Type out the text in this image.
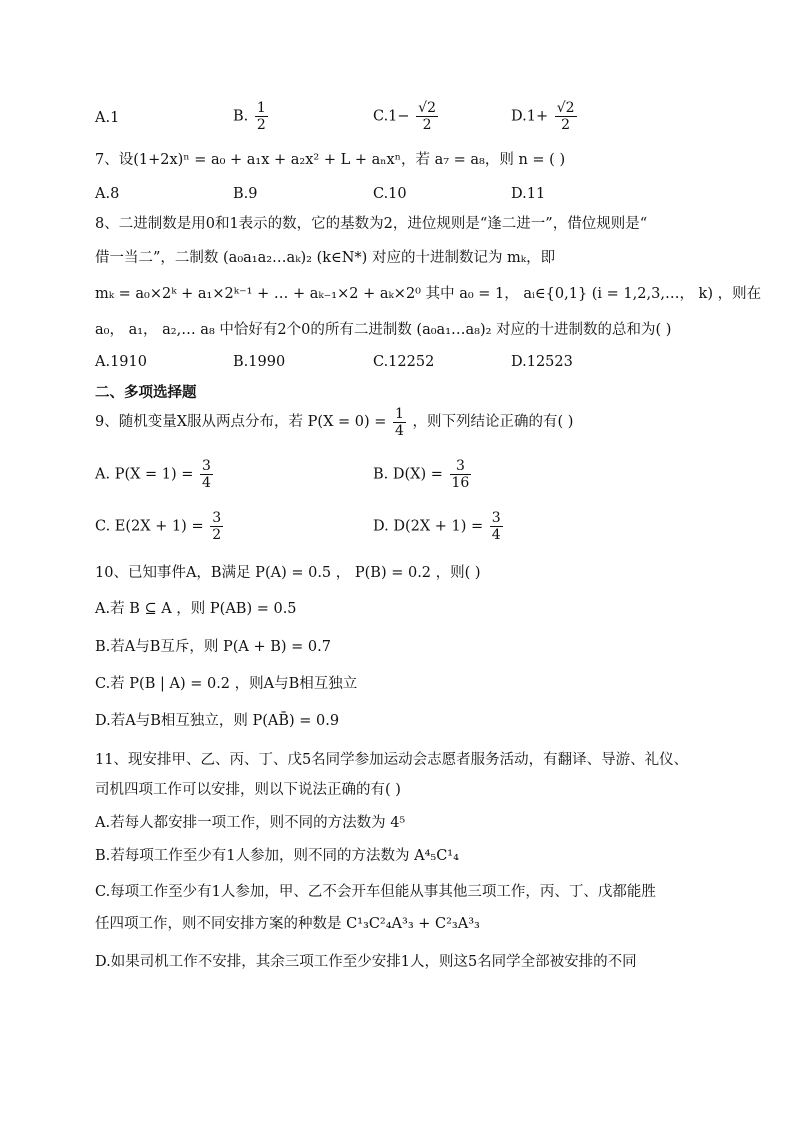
A.1	B. $\frac{1}{2}$	$C.1- \frac{√2}{2}$	$D.1+ \frac{√2}{2}$
7、设(1+2x)ⁿ = a₀ + a₁x + a₂x² + L + aₙxⁿ，若 a₇ = a₈，则 n = ( )
A.8	B.9	C.10	D.11
8、二进制数是用0和1表示的数，它的基数为2，进位规则是“逢二进一”，借位规则是“
借一当二”，二制数 (a₀a₁a₂…aₖ)₂ (k∈N*) 对应的十进制数记为 mₖ，即
mₖ = a₀×2ᵏ + a₁×2ᵏ⁻¹ + … + aₖ₋₁×2 + aₖ×2⁰ 其中 a₀ = 1， aᵢ∈{0,1} (i = 1,2,3,…， k) ，则在
a₀， a₁， a₂,… a₈ 中恰好有2个0的所有二进制数 (a₀a₁…a₈)₂ 对应的十进制数的总和为( )
A.1910	B.1990	C.12252	D.12523
二、多项选择题
9、随机变量X服从两点分布，若 $P(X = 0) = \frac{1}{4}$ ，则下列结论正确的有( )
A. $P(X = 1) = \frac{3}{4}$	B. $D(X) = \frac{3}{16}$
C. $E(2X + 1) = \frac{3}{2}$	D. $D(2X + 1) = \frac{3}{4}$
10、已知事件A，B满足 P(A) = 0.5 ， P(B) = 0.2 ，则( )
A.若 B ⊆ A ，则 P(AB) = 0.5
B.若A与B互斥，则 P(A + B) = 0.7
C.若 P(B | A) = 0.2 ，则A与B相互独立
D.若A与B相互独立，则 P(AB̄) = 0.9
11、现安排甲、乙、丙、丁、戊5名同学参加运动会志愿者服务活动，有翻译、导游、礼仪、
司机四项工作可以安排，则以下说法正确的有( )
A.若每人都安排一项工作，则不同的方法数为 4⁵
B.若每项工作至少有1人参加，则不同的方法数为 A⁴₅C¹₄
C.每项工作至少有1人参加，甲、乙不会开车但能从事其他三项工作，丙、丁、戊都能胜
任四项工作，则不同安排方案的种数是 C¹₃C²₄A³₃ + C²₃A³₃
D.如果司机工作不安排，其余三项工作至少安排1人，则这5名同学全部被安排的不同
